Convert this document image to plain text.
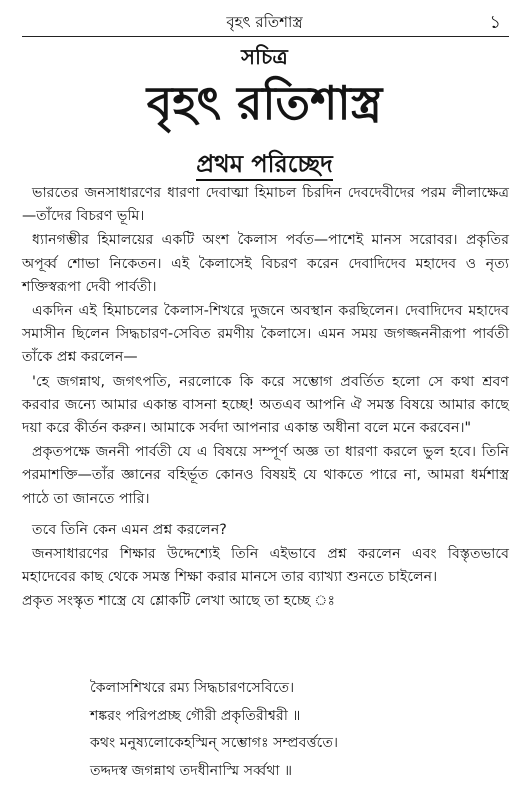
বৃহৎ রতিশাস্ত্র	১
সচিত্র
বৃহৎ রতিশাস্ত্র
প্রথম পরিচ্ছেদ

ভারতের জনসাধারণের ধারণা দেবাত্মা হিমাচল চিরদিন দেবদেবীদের পরম লীলাক্ষেত্র—তাঁদের বিচরণ ভূমি।

ধ্যানগম্ভীর হিমালয়ের একটি অংশ কৈলাস পর্বত—পাশেই মানস সরোবর। প্রকৃতির অপূর্ব্ব শোভা নিকেতন। এই কৈলাসেই বিচরণ করেন দেবাদিদেব মহাদেব ও নৃত্য শক্তিস্বরূপা দেবী পার্বতী।

একদিন এই হিমাচলের কৈলাস-শিখরে দুজনে অবস্থান করছিলেন। দেবাদিদেব মহাদেব সমাসীন ছিলেন সিদ্ধচারণ-সেবিত রমণীয় কৈলাসে। এমন সময় জগজ্জননীরূপা পার্বতী তাঁকে প্রশ্ন করলেন—

'হে জগন্নাথ, জগৎপতি, নরলোকে কি করে সম্ভোগ প্রবর্তিত হলো সে কথা শ্রবণ করবার জন্যে আমার একান্ত বাসনা হচ্ছে! অতএব আপনি ঐ সমস্ত বিষয়ে আমার কাছে দয়া করে কীর্তন করুন। আমাকে সর্বদা আপনার একান্ত অধীনা বলে মনে করবেন।"

প্রকৃতপক্ষে জননী পার্বতী যে এ বিষয়ে সম্পূর্ণ অজ্ঞ তা ধারণা করলে ভুল হবে। তিনি পরমাশক্তি—তাঁর জ্ঞানের বহির্ভূত কোনও বিষয়ই যে থাকতে পারে না, আমরা ধর্মশাস্ত্র পাঠে তা জানতে পারি।

তবে তিনি কেন এমন প্রশ্ন করলেন?

জনসাধারণের শিক্ষার উদ্দেশ্যেই তিনি এইভাবে প্রশ্ন করলেন এবং বিস্তৃতভাবে মহাদেবের কাছ থেকে সমস্ত শিক্ষা করার মানসে তার ব্যাখ্যা শুনতে চাইলেন।

প্রকৃত সংস্কৃত শাস্ত্রে যে শ্লোকটি লেখা আছে তা হচ্ছে ঃ

কৈলাসশিখরে রম্য সিদ্ধচারণসেবিতে।

শঙ্করং পরিপপ্রচ্ছ গৌরী প্রকৃতিরীশ্বরী ॥

কথং মনুষ্যলোকেহস্মিন্ সম্ভোগঃ সম্প্রবর্ত্ততে।

তদ্দদস্ব জগন্নাথ তদধীনাস্মি সর্ব্বথা ॥
